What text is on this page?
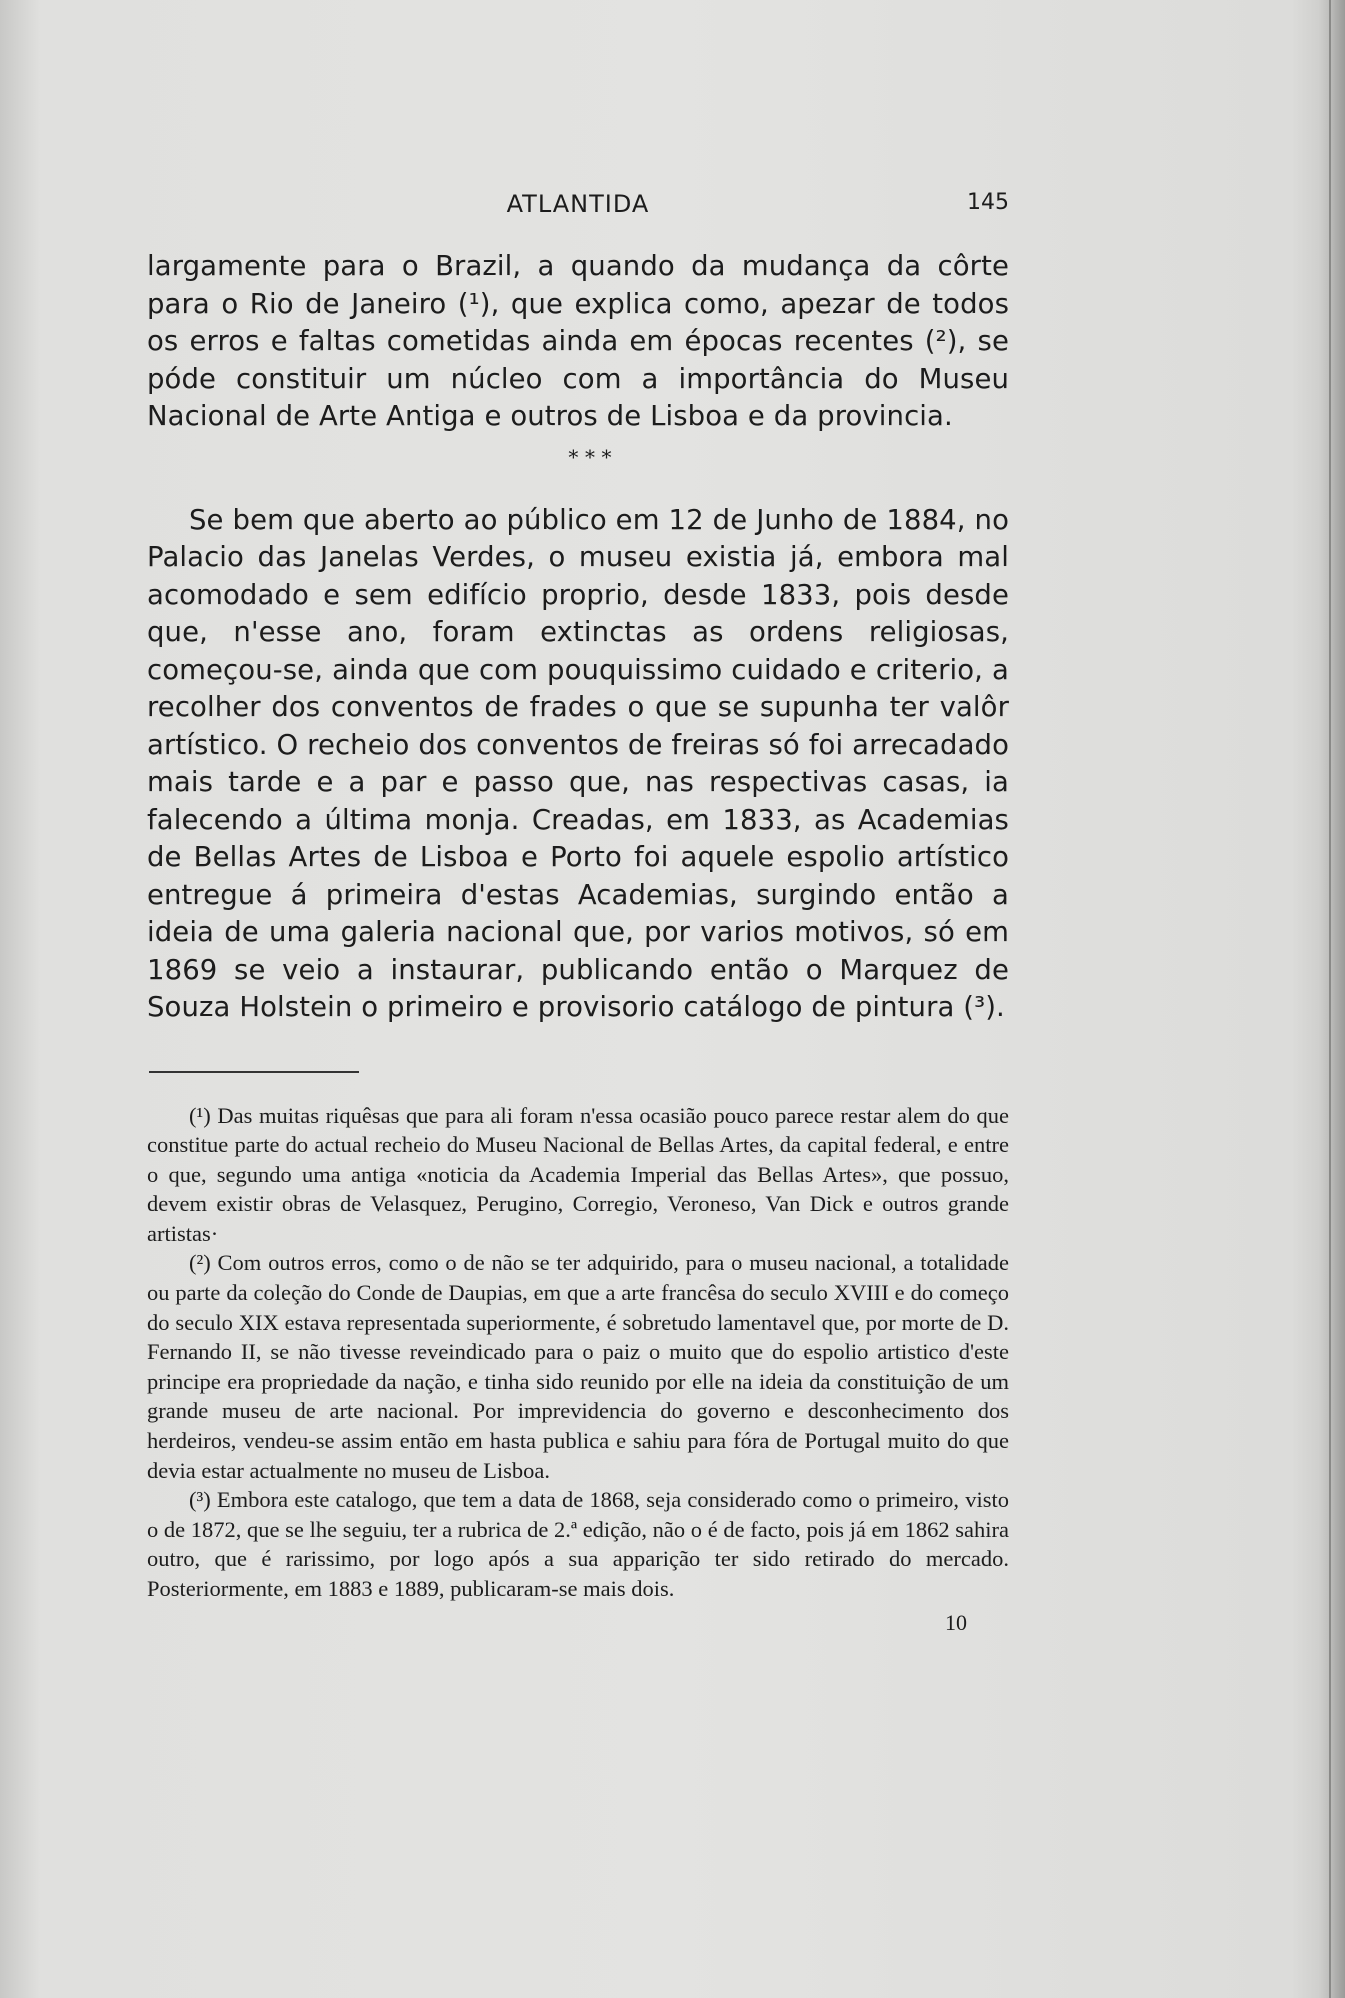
ATLANTIDA	145

largamente para o Brazil, a quando da mudança da côrte para o Rio de Janeiro (¹), que explica como, apezar de todos os erros e faltas cometidas ainda em épocas recentes (²), se póde constituir um núcleo com a importância do Museu Nacional de Arte Antiga e outros de Lisboa e da provincia.

* * *

Se bem que aberto ao público em 12 de Junho de 1884, no Palacio das Janelas Verdes, o museu existia já, embora mal acomodado e sem edifício proprio, desde 1833, pois desde que, n'esse ano, foram extinctas as ordens religiosas, começou-se, ainda que com pouquissimo cuidado e criterio, a recolher dos conventos de frades o que se supunha ter valôr artístico. O recheio dos conventos de freiras só foi arrecadado mais tarde e a par e passo que, nas respectivas casas, ia falecendo a última monja. Creadas, em 1833, as Academias de Bellas Artes de Lisboa e Porto foi aquele espolio artístico entregue á primeira d'estas Academias, surgindo então a ideia de uma galeria nacional que, por varios motivos, só em 1869 se veio a instaurar, publicando então o Marquez de Souza Holstein o primeiro e provisorio catálogo de pintura (³).

(¹) Das muitas riquêsas que para ali foram n'essa ocasião pouco parece restar alem do que constitue parte do actual recheio do Museu Nacional de Bellas Artes, da capital federal, e entre o que, segundo uma antiga «noticia da Academia Imperial das Bellas Artes», que possuo, devem existir obras de Velasquez, Perugino, Corregio, Veroneso, Van Dick e outros grande artistas·

(²) Com outros erros, como o de não se ter adquirido, para o museu nacional, a totalidade ou parte da coleção do Conde de Daupias, em que a arte francêsa do seculo XVIII e do começo do seculo XIX estava representada superiormente, é sobretudo lamentavel que, por morte de D. Fernando II, se não tivesse reveindicado para o paiz o muito que do espolio artistico d'este principe era propriedade da nação, e tinha sido reunido por elle na ideia da constituição de um grande museu de arte nacional. Por imprevidencia do governo e desconhecimento dos herdeiros, vendeu-se assim então em hasta publica e sahiu para fóra de Portugal muito do que devia estar actualmente no museu de Lisboa.

(³) Embora este catalogo, que tem a data de 1868, seja considerado como o primeiro, visto o de 1872, que se lhe seguiu, ter a rubrica de 2.ª edição, não o é de facto, pois já em 1862 sahira outro, que é rarissimo, por logo após a sua apparição ter sido retirado do mercado. Posteriormente, em 1883 e 1889, publicaram-se mais dois.

10
